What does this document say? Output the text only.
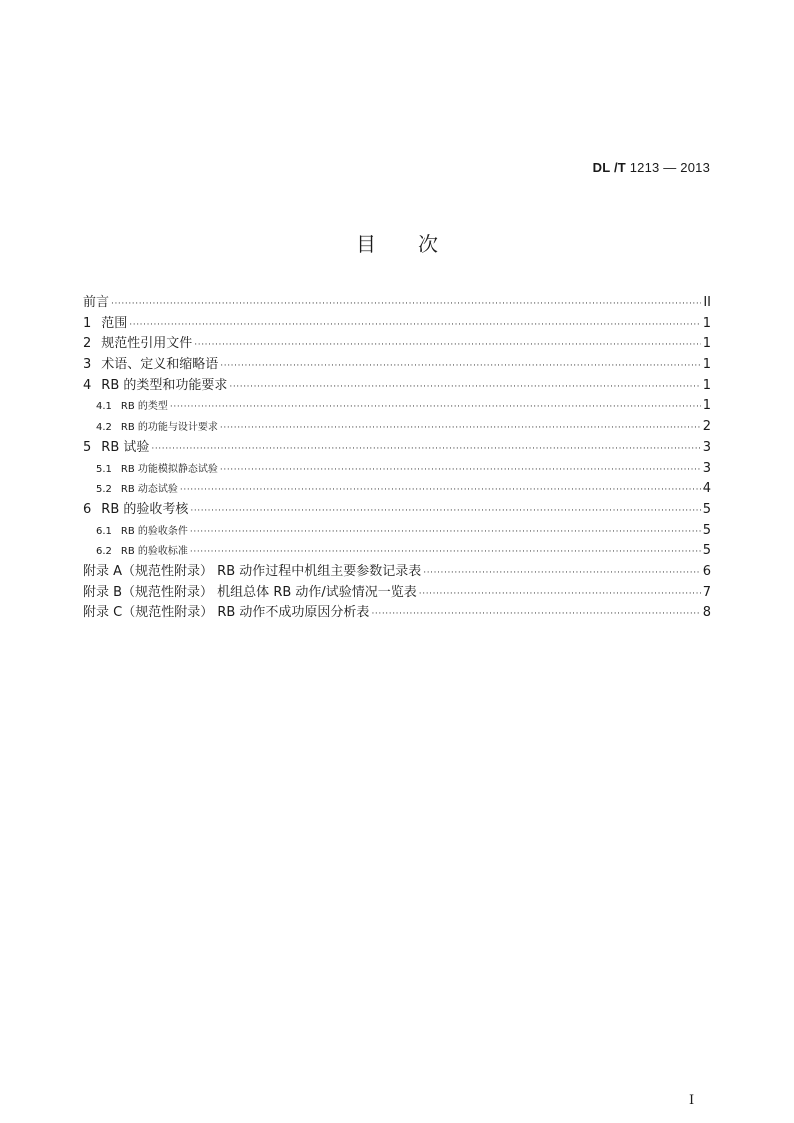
DL /T 1213 — 2013
目次
前言 ·····	II
1 范围 ·····	1
2 规范性引用文件 ·····	1
3 术语、定义和缩略语 ·····	1
4 RB 的类型和功能要求 ·····	1
4.1 RB 的类型 ·····	1
4.2 RB 的功能与设计要求 ·····	2
5 RB 试验 ·····	3
5.1 RB 功能模拟静态试验 ·····	3
5.2 RB 动态试验 ·····	4
6 RB 的验收考核 ·····	5
6.1 RB 的验收条件 ·····	5
6.2 RB 的验收标准 ·····	5
附录 A（规范性附录） RB 动作过程中机组主要参数记录表 ·····	6
附录 B（规范性附录） 机组总体 RB 动作/试验情况一览表 ·····	7
附录 C（规范性附录） RB 动作不成功原因分析表 ·····	8
I
